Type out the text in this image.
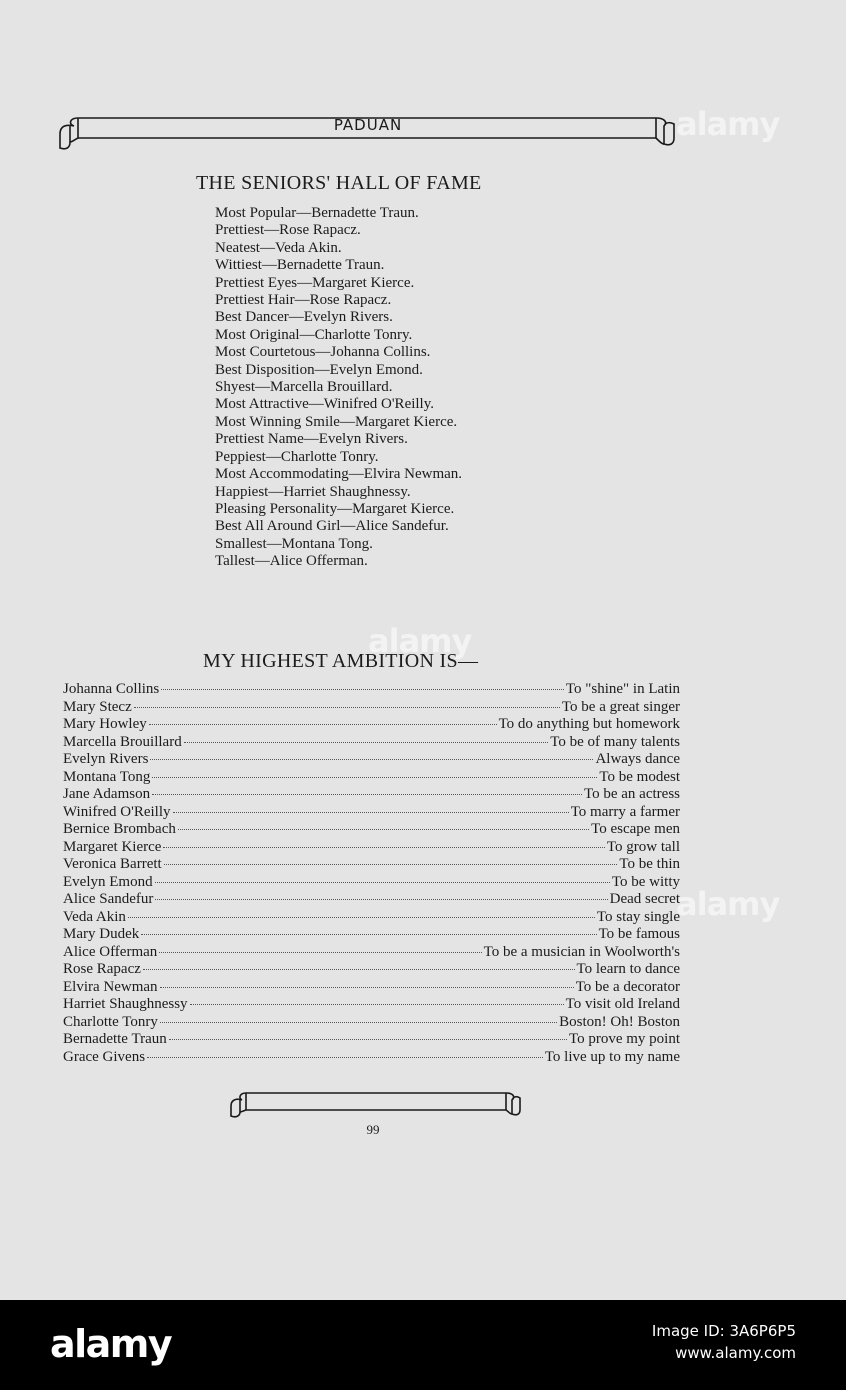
PADUAN
THE SENIORS' HALL OF FAME
Most Popular—Bernadette Traun.
Prettiest—Rose Rapacz.
Neatest—Veda Akin.
Wittiest—Bernadette Traun.
Prettiest Eyes—Margaret Kierce.
Prettiest Hair—Rose Rapacz.
Best Dancer—Evelyn Rivers.
Most Original—Charlotte Tonry.
Most Courtetous—Johanna Collins.
Best Disposition—Evelyn Emond.
Shyest—Marcella Brouillard.
Most Attractive—Winifred O'Reilly.
Most Winning Smile—Margaret Kierce.
Prettiest Name—Evelyn Rivers.
Peppiest—Charlotte Tonry.
Most Accommodating—Elvira Newman.
Happiest—Harriet Shaughnessy.
Pleasing Personality—Margaret Kierce.
Best All Around Girl—Alice Sandefur.
Smallest—Montana Tong.
Tallest—Alice Offerman.
MY HIGHEST AMBITION IS—
Johanna Collins	To "shine" in Latin
Mary Stecz	To be a great singer
Mary Howley	To do anything but homework
Marcella Brouillard	To be of many talents
Evelyn Rivers	Always dance
Montana Tong	To be modest
Jane Adamson	To be an actress
Winifred O'Reilly	To marry a farmer
Bernice Brombach	To escape men
Margaret Kierce	To grow tall
Veronica Barrett	To be thin
Evelyn Emond	To be witty
Alice Sandefur	Dead secret
Veda Akin	To stay single
Mary Dudek	To be famous
Alice Offerman	To be a musician in Woolworth's
Rose Rapacz	To learn to dance
Elvira Newman	To be a decorator
Harriet Shaughnessy	To visit old Ireland
Charlotte Tonry	Boston! Oh! Boston
Bernadette Traun	To prove my point
Grace Givens	To live up to my name
99
alamy
alamy
alamy
alamy	Image ID: 3A6P6P5
www.alamy.com
